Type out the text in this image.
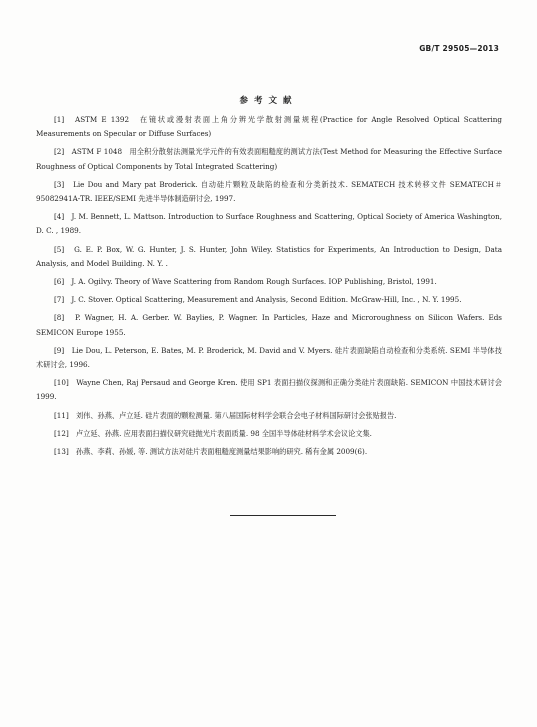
GB/T 29505—2013
参考文献

[1]　 ASTM E 1392　在镜状或漫射表面上角分辨光学散射测量规程(Practice for Angle Resolved Optical Scattering Measurements on Specular or Diffuse Surfaces)

[2]　 ASTM F 1048　用全积分散射法测量光学元件的有效表面粗糙度的测试方法(Test Method for Measuring the Effective Surface Roughness of Optical Components by Total Integrated Scattering)

[3]　 Lie Dou and Mary pat Broderick. 自动硅片颗粒及缺陷的检查和分类新技术. SEMATECH 技术转移文件 SEMATECH＃95082941A-TR. IEEE/SEMI 先进半导体制造研讨会, 1997.

[4]　 J. M. Bennett, L. Mattson. Introduction to Surface Roughness and Scattering, Optical Society of America Washington, D. C. , 1989.

[5]　 G. E. P. Box, W. G. Hunter, J. S. Hunter, John Wiley. Statistics for Experiments, An Introduction to Design, Data Analysis, and Model Building. N. Y. .

[6]　 J. A. Ogilvy. Theory of Wave Scattering from Random Rough Surfaces. IOP Publishing, Bristol, 1991.

[7]　 J. C. Stover. Optical Scattering, Measurement and Analysis, Second Edition. McGraw-Hill, Inc. , N. Y. 1995.

[8]　 P. Wagner, H. A. Gerber. W. Baylies, P. Wagner. In Particles, Haze and Microroughness on Silicon Wafers. Eds SEMICON Europe 1955.

[9]　 Lie Dou, L. Peterson, E. Bates, M. P. Broderick, M. David and V. Myers. 硅片表面缺陷自动检查和分类系统. SEMI 半导体技术研讨会, 1996.

[10]　 Wayne Chen, Raj Persaud and George Kren. 使用 SP1 表面扫描仪探测和正确分类硅片表面缺陷. SEMICON 中国技术研讨会 1999.

[11]　 刘伟、孙燕、卢立延. 硅片表面的颗粒测量. 第八届国际材料学会联合会电子材料国际研讨会张贴报告.

[12]　 卢立延、孙燕. 应用表面扫描仪研究硅抛光片表面质量. 98 全国半导体硅材料学术会议论文集.

[13]　 孙燕、李莉、孙媛, 等. 测试方法对硅片表面粗糙度测量结果影响的研究. 稀有金属 2009(6).
